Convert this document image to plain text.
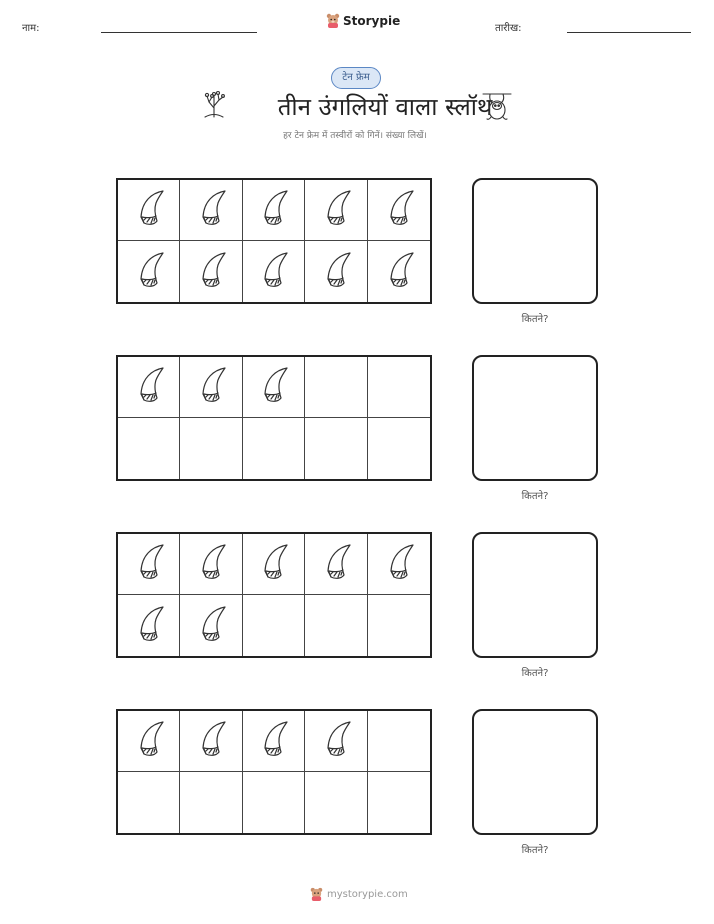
नाम:
Storypie
तारीख:
टेन फ्रेम
तीन उंगलियों वाला स्लॉथ
हर टेन फ्रेम में तस्वीरों को गिनें। संख्या लिखें।
कितने?
कितने?
कितने?
कितने?
mystorypie.com
